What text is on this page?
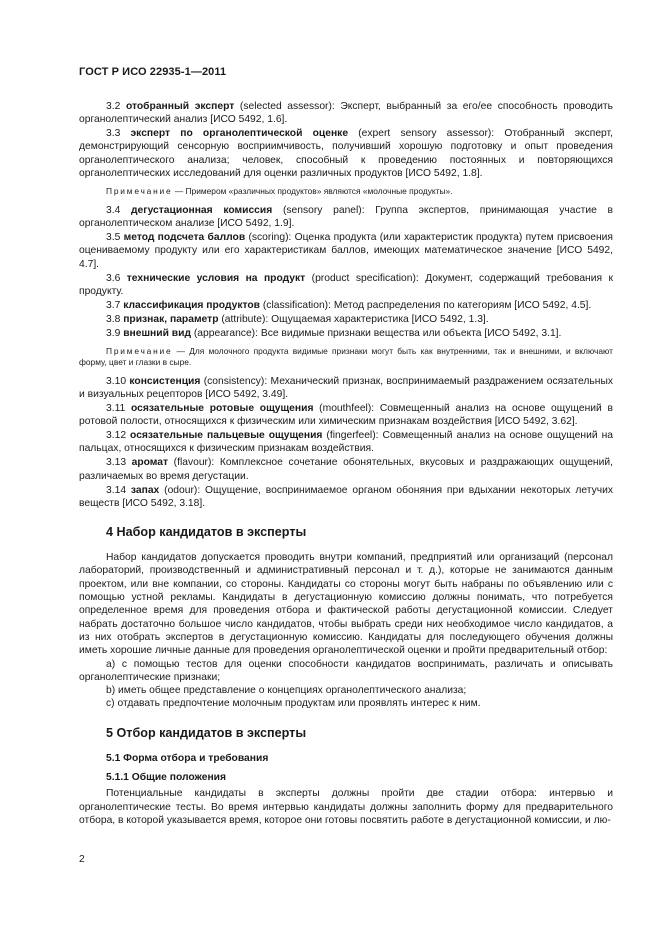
ГОСТ Р ИСО 22935-1—2011

3.2 отобранный эксперт (selected assessor): Эксперт, выбранный за его/ее способность проводить органолептический анализ [ИСО 5492, 1.6].

3.3 эксперт по органолептической оценке (expert sensory assessor): Отобранный эксперт, демонстрирующий сенсорную восприимчивость, получивший хорошую подготовку и опыт проведения органолептического анализа; человек, способный к проведению постоянных и повторяющихся органолептических исследований для оценки различных продуктов [ИСО 5492, 1.8].

Примечание — Примером «различных продуктов» являются «молочные продукты».

3.4 дегустационная комиссия (sensory panel): Группа экспертов, принимающая участие в органолептическом анализе [ИСО 5492, 1.9].

3.5 метод подсчета баллов (scoring): Оценка продукта (или характеристик продукта) путем присвоения оцениваемому продукту или его характеристикам баллов, имеющих математическое значение [ИСО 5492, 4.7].

3.6 технические условия на продукт (product specification): Документ, содержащий требования к продукту.

3.7 классификация продуктов (classification): Метод распределения по категориям [ИСО 5492, 4.5].

3.8 признак, параметр (attribute): Ощущаемая характеристика [ИСО 5492, 1.3].

3.9 внешний вид (appearance): Все видимые признаки вещества или объекта [ИСО 5492, 3.1].

Примечание — Для молочного продукта видимые признаки могут быть как внутренними, так и внешними, и включают форму, цвет и глазки в сыре.

3.10 консистенция (consistency): Механический признак, воспринимаемый раздражением осязательных и визуальных рецепторов [ИСО 5492, 3.49].

3.11 осязательные ротовые ощущения (mouthfeel): Совмещенный анализ на основе ощущений в ротовой полости, относящихся к физическим или химическим признакам воздействия [ИСО 5492, 3.62].

3.12 осязательные пальцевые ощущения (fingerfeel): Совмещенный анализ на основе ощущений на пальцах, относящихся к физическим признакам воздействия.

3.13 аромат (flavour): Комплексное сочетание обонятельных, вкусовых и раздражающих ощущений, различаемых во время дегустации.

3.14 запах (odour): Ощущение, воспринимаемое органом обоняния при вдыхании некоторых летучих веществ [ИСО 5492, 3.18].

4 Набор кандидатов в эксперты

Набор кандидатов допускается проводить внутри компаний, предприятий или организаций (персонал лабораторий, производственный и административный персонал и т. д.), которые не занимаются данным проектом, или вне компании, со стороны. Кандидаты со стороны могут быть набраны по объявлению или с помощью устной рекламы. Кандидаты в дегустационную комиссию должны понимать, что потребуется определенное время для проведения отбора и фактической работы дегустационной комиссии. Следует набрать достаточно большое число кандидатов, чтобы выбрать среди них необходимое число кандидатов, а из них отобрать экспертов в дегустационную комиссию. Кандидаты для последующего обучения должны иметь хорошие личные данные для проведения органолептической оценки и пройти предварительный отбор:

a) с помощью тестов для оценки способности кандидатов воспринимать, различать и описывать органолептические признаки;

b) иметь общее представление о концепциях органолептического анализа;

c) отдавать предпочтение молочным продуктам или проявлять интерес к ним.

5 Отбор кандидатов в эксперты

5.1 Форма отбора и требования

5.1.1 Общие положения

Потенциальные кандидаты в эксперты должны пройти две стадии отбора: интервью и органолептические тесты. Во время интервью кандидаты должны заполнить форму для предварительного отбора, в которой указывается время, которое они готовы посвятить работе в дегустационной комиссии, и лю-

2
